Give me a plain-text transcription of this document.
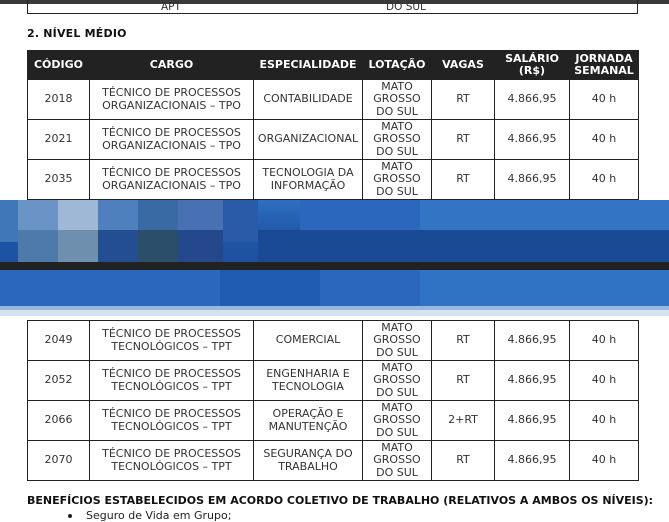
APT	DO SUL
2. NÍVEL MÉDIO
CÓDIGO	CARGO	ESPECIALIDADE	LOTAÇÃO	VAGAS	SALÁRIO (R$)	JORNADA SEMANAL
2018	TÉCNICO DE PROCESSOS ORGANIZACIONAIS – TPO	CONTABILIDADE	MATO GROSSO DO SUL	RT	4.866,95	40 h
2021	TÉCNICO DE PROCESSOS ORGANIZACIONAIS – TPO	ORGANIZACIONAL	MATO GROSSO DO SUL	RT	4.866,95	40 h
2035	TÉCNICO DE PROCESSOS ORGANIZACIONAIS – TPO	TECNOLOGIA DA INFORMAÇÃO	MATO GROSSO DO SUL	RT	4.866,95	40 h
2049	TÉCNICO DE PROCESSOS TECNOLÓGICOS – TPT	COMERCIAL	MATO GROSSO DO SUL	RT	4.866,95	40 h
2052	TÉCNICO DE PROCESSOS TECNOLÓGICOS – TPT	ENGENHARIA E TECNOLOGIA	MATO GROSSO DO SUL	RT	4.866,95	40 h
2066	TÉCNICO DE PROCESSOS TECNOLÓGICOS – TPT	OPERAÇÃO E MANUTENÇÃO	MATO GROSSO DO SUL	2+RT	4.866,95	40 h
2070	TÉCNICO DE PROCESSOS TECNOLÓGICOS – TPT	SEGURANÇA DO TRABALHO	MATO GROSSO DO SUL	RT	4.866,95	40 h
BENEFÍCIOS ESTABELECIDOS EM ACORDO COLETIVO DE TRABALHO (RELATIVOS A AMBOS OS NÍVEIS):
Seguro de Vida em Grupo;
